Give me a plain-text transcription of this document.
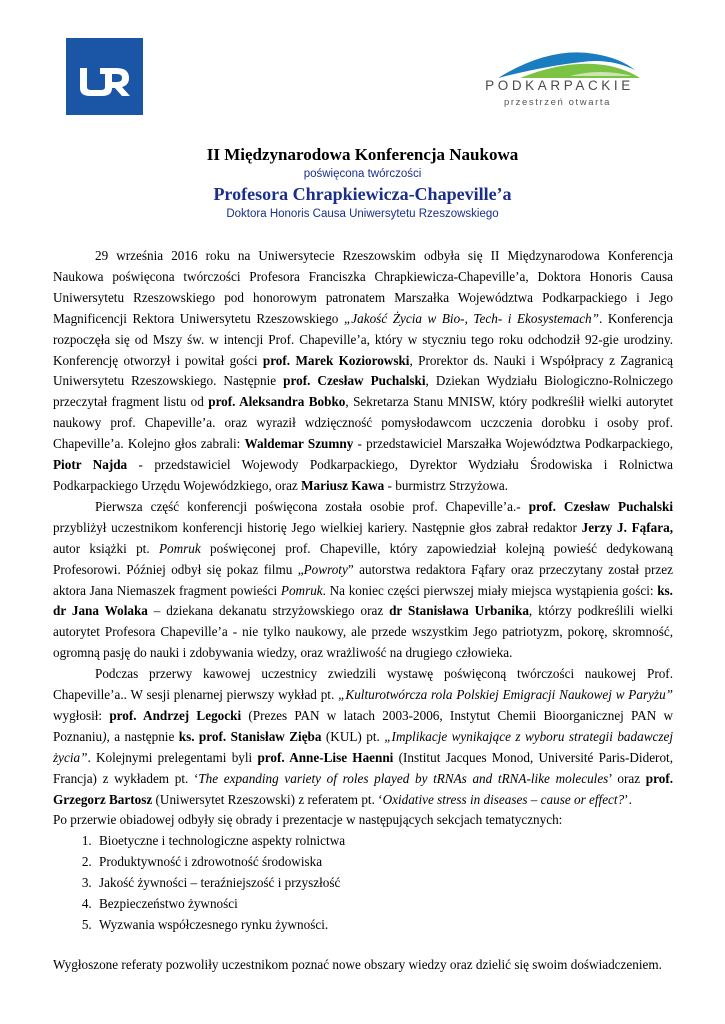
UR
PODKARPACKIE
przestrzeń otwarta

II Międzynarodowa Konferencja Naukowa

poświęcona twórczości

Profesora Chrapkiewicza-Chapeville’a

Doktora Honoris Causa Uniwersytetu Rzeszowskiego

29 września 2016 roku na Uniwersytecie Rzeszowskim odbyła się II Międzynarodowa Konferencja Naukowa poświęcona twórczości Profesora Franciszka Chrapkiewicza-Chapeville’a, Doktora Honoris Causa Uniwersytetu Rzeszowskiego pod honorowym patronatem Marszałka Województwa Podkarpackiego i Jego Magnificencji Rektora Uniwersytetu Rzeszowskiego „Jakość Życia w Bio-, Tech- i Ekosystemach”. Konferencja rozpoczęła się od Mszy św. w intencji Prof. Chapeville’a, który w styczniu tego roku odchodził 92-gie urodziny. Konferencję otworzył i powitał gości prof. Marek Koziorowski, Prorektor ds. Nauki i Współpracy z Zagranicą Uniwersytetu Rzeszowskiego. Następnie prof. Czesław Puchalski, Dziekan Wydziału Biologiczno-Rolniczego przeczytał fragment listu od prof. Aleksandra Bobko, Sekretarza Stanu MNISW, który podkreślił wielki autorytet naukowy prof. Chapeville’a. oraz wyraził wdzięczność pomysłodawcom uczczenia dorobku i osoby prof. Chapeville’a. Kolejno głos zabrali: Waldemar Szumny - przedstawiciel Marszałka Województwa Podkarpackiego, Piotr Najda - przedstawiciel Wojewody Podkarpackiego, Dyrektor Wydziału Środowiska i Rolnictwa Podkarpackiego Urzędu Wojewódzkiego, oraz Mariusz Kawa - burmistrz Strzyżowa.

Pierwsza część konferencji poświęcona została osobie prof. Chapeville’a.- prof. Czesław Puchalski przybliżył uczestnikom konferencji historię Jego wielkiej kariery. Następnie głos zabrał redaktor Jerzy J. Fąfara, autor książki pt. Pomruk poświęconej prof. Chapeville, który zapowiedział kolejną powieść dedykowaną Profesorowi. Później odbył się pokaz filmu „Powroty” autorstwa redaktora Fąfary oraz przeczytany został przez aktora Jana Niemaszek fragment powieści Pomruk. Na koniec części pierwszej miały miejsca wystąpienia gości: ks. dr Jana Wolaka – dziekana dekanatu strzyżowskiego oraz dr Stanisława Urbanika, którzy podkreślili wielki autorytet Profesora Chapeville’a - nie tylko naukowy, ale przede wszystkim Jego patriotyzm, pokorę, skromność, ogromną pasję do nauki i zdobywania wiedzy, oraz wrażliwość na drugiego człowieka.

Podczas przerwy kawowej uczestnicy zwiedzili wystawę poświęconą twórczości naukowej Prof. Chapeville’a.. W sesji plenarnej pierwszy wykład pt. „Kulturotwórcza rola Polskiej Emigracji Naukowej w Paryżu” wygłosił: prof. Andrzej Legocki (Prezes PAN w latach 2003-2006, Instytut Chemii Bioorganicznej PAN w Poznaniu), a następnie ks. prof. Stanisław Zięba (KUL) pt. „Implikacje wynikające z wyboru strategii badawczej życia”. Kolejnymi prelegentami byli prof. Anne-Lise Haenni (Institut Jacques Monod, Université Paris-Diderot, Francja) z wykładem pt. ‘The expanding variety of roles played by tRNAs and tRNA-like molecules’ oraz prof. Grzegorz Bartosz (Uniwersytet Rzeszowski) z referatem pt. ‘Oxidative stress in diseases – cause or effect?’.

Po przerwie obiadowej odbyły się obrady i prezentacje w następujących sekcjach tematycznych:

1. Bioetyczne i technologiczne aspekty rolnictwa
2. Produktywność i zdrowotność środowiska
3. Jakość żywności – teraźniejszość i przyszłość
4. Bezpieczeństwo żywności
5. Wyzwania współczesnego rynku żywności.

Wygłoszone referaty pozwoliły uczestnikom poznać nowe obszary wiedzy oraz dzielić się swoim doświadczeniem.
